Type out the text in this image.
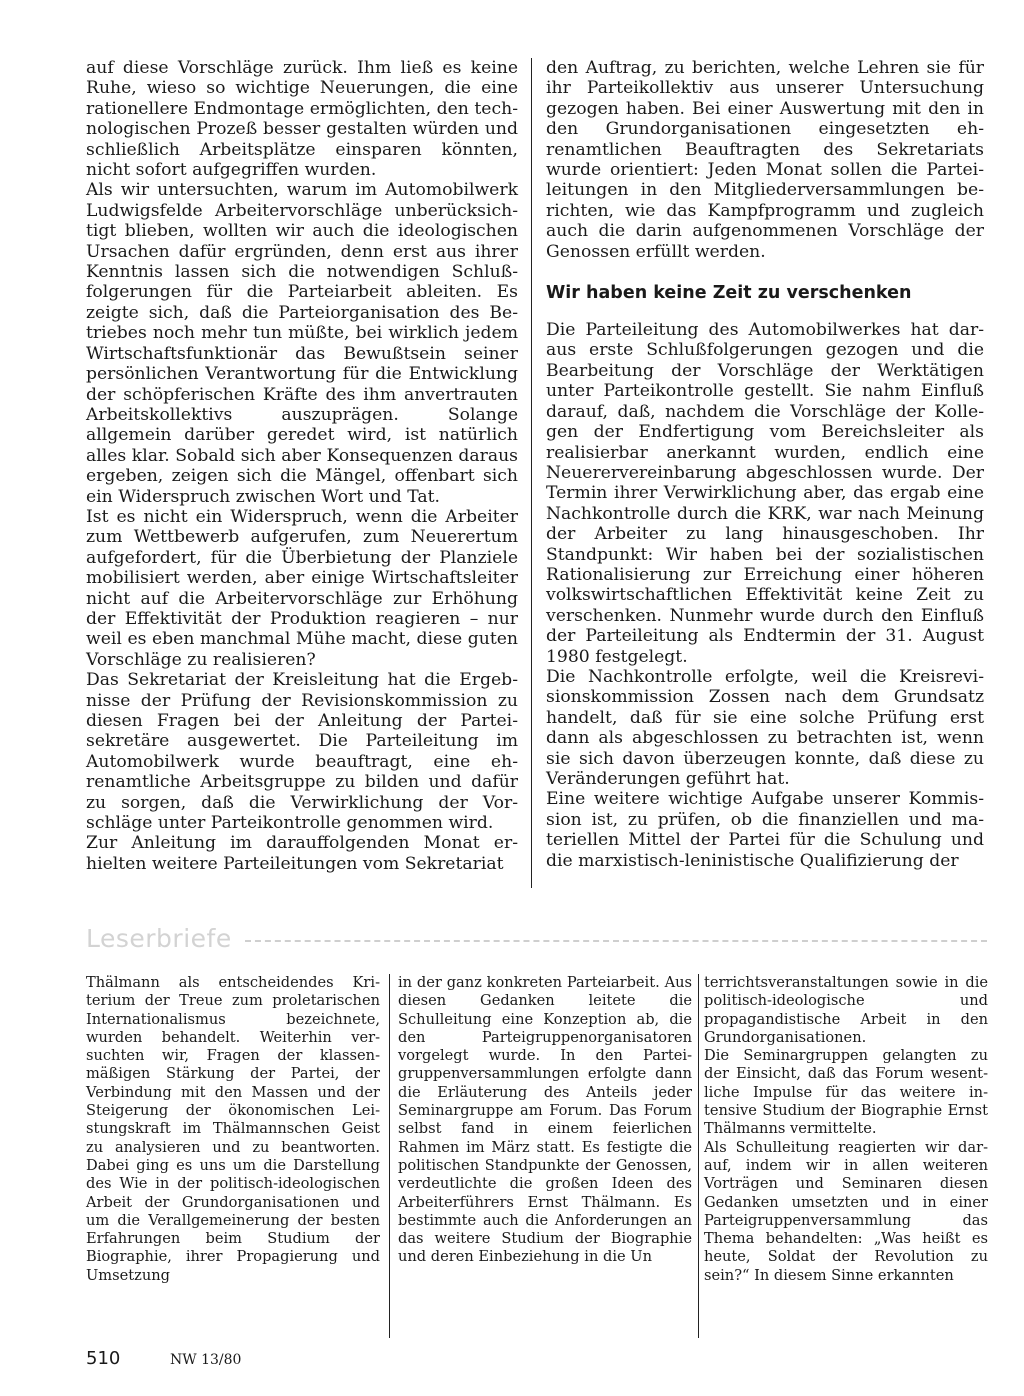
auf diese Vorschläge zurück. Ihm ließ es keine Ruhe, wieso so wichtige Neuerungen, die eine rationellere Endmontage ermöglichten, den technologischen Prozeß besser gestalten würden und schließlich Arbeitsplätze einsparen könnten, nicht sofort aufgegriffen wurden.

Als wir untersuchten, warum im Automobilwerk Ludwigsfelde Arbeitervorschläge unberücksichtigt blieben, wollten wir auch die ideologischen Ursachen dafür ergründen, denn erst aus ihrer Kenntnis lassen sich die notwendigen Schlußfolgerungen für die Parteiarbeit ableiten. Es zeigte sich, daß die Parteiorganisation des Betriebes noch mehr tun müßte, bei wirklich jedem Wirtschaftsfunktionär das Bewußtsein seiner persönlichen Verantwortung für die Entwicklung der schöpferischen Kräfte des ihm anvertrauten Arbeitskollektivs auszuprägen. Solange allgemein darüber geredet wird, ist natürlich alles klar. Sobald sich aber Konsequenzen daraus ergeben, zeigen sich die Mängel, offenbart sich ein Widerspruch zwischen Wort und Tat.

Ist es nicht ein Widerspruch, wenn die Arbeiter zum Wettbewerb aufgerufen, zum Neuerertum aufgefordert, für die Überbietung der Planziele mobilisiert werden, aber einige Wirtschaftsleiter nicht auf die Arbeitervorschläge zur Erhöhung der Effektivität der Produktion reagieren – nur weil es eben manchmal Mühe macht, diese guten Vorschläge zu realisieren?

Das Sekretariat der Kreisleitung hat die Ergebnisse der Prüfung der Revisionskommission zu diesen Fragen bei der Anleitung der Parteisekretäre ausgewertet. Die Parteileitung im Automobilwerk wurde beauftragt, eine ehrenamtliche Arbeitsgruppe zu bilden und dafür zu sorgen, daß die Verwirklichung der Vorschläge unter Parteikontrolle genommen wird.

Zur Anleitung im darauffolgenden Monat erhielten weitere Parteileitungen vom Sekretariat

den Auftrag, zu berichten, welche Lehren sie für ihr Parteikollektiv aus unserer Untersuchung gezogen haben. Bei einer Auswertung mit den in den Grundorganisationen eingesetzten ehrenamtlichen Beauftragten des Sekretariats wurde orientiert: Jeden Monat sollen die Parteileitungen in den Mitgliederversammlungen berichten, wie das Kampfprogramm und zugleich auch die darin aufgenommenen Vorschläge der Genossen erfüllt werden.

Wir haben keine Zeit zu verschenken

Die Parteileitung des Automobilwerkes hat daraus erste Schlußfolgerungen gezogen und die Bearbeitung der Vorschläge der Werktätigen unter Parteikontrolle gestellt. Sie nahm Einfluß darauf, daß, nachdem die Vorschläge der Kollegen der Endfertigung vom Bereichsleiter als realisierbar anerkannt wurden, endlich eine Neuerervereinbarung abgeschlossen wurde. Der Termin ihrer Verwirklichung aber, das ergab eine Nachkontrolle durch die KRK, war nach Meinung der Arbeiter zu lang hinausgeschoben. Ihr Standpunkt: Wir haben bei der sozialistischen Rationalisierung zur Erreichung einer höheren volkswirtschaftlichen Effektivität keine Zeit zu verschenken. Nunmehr wurde durch den Einfluß der Parteileitung als Endtermin der 31. August 1980 festgelegt.

Die Nachkontrolle erfolgte, weil die Kreisrevisionskommission Zossen nach dem Grundsatz handelt, daß für sie eine solche Prüfung erst dann als abgeschlossen zu betrachten ist, wenn sie sich davon überzeugen konnte, daß diese zu Veränderungen geführt hat.

Eine weitere wichtige Aufgabe unserer Kommission ist, zu prüfen, ob die finanziellen und materiellen Mittel der Partei für die Schulung und die marxistisch-leninistische Qualifizierung der

Leserbriefe

Thälmann als entscheidendes Kriterium der Treue zum proletarischen Internationalismus bezeichnete, wurden behandelt. Weiterhin versuchten wir, Fragen der klassenmäßigen Stärkung der Partei, der Verbindung mit den Massen und der Steigerung der ökonomischen Leistungskraft im Thälmannschen Geist zu analysieren und zu beantworten. Dabei ging es uns um die Darstellung des Wie in der politisch-ideologischen Arbeit der Grundorganisationen und um die Verallgemeinerung der besten Erfahrungen beim Studium der Biographie, ihrer Propagierung und Umsetzung

in der ganz konkreten Parteiarbeit. Aus diesen Gedanken leitete die Schulleitung eine Konzeption ab, die den Parteigruppenorganisatoren vorgelegt wurde. In den Parteigruppenversammlungen erfolgte dann die Erläuterung des Anteils jeder Seminargruppe am Forum. Das Forum selbst fand in einem feierlichen Rahmen im März statt. Es festigte die politischen Standpunkte der Genossen, verdeutlichte die großen Ideen des Arbeiterführers Ernst Thälmann. Es bestimmte auch die Anforderungen an das weitere Studium der Biographie und deren Einbeziehung in die Un

terrichtsveranstaltungen sowie in die politisch-ideologische und propagandistische Arbeit in den Grundorganisationen.

Die Seminargruppen gelangten zu der Einsicht, daß das Forum wesentliche Impulse für das weitere intensive Studium der Biographie Ernst Thälmanns vermittelte.

Als Schulleitung reagierten wir darauf, indem wir in allen weiteren Vorträgen und Seminaren diesen Gedanken umsetzten und in einer Parteigruppenversammlung das Thema behandelten: „Was heißt es heute, Soldat der Revolution zu sein?“ In diesem Sinne erkannten

510	NW 13/80
